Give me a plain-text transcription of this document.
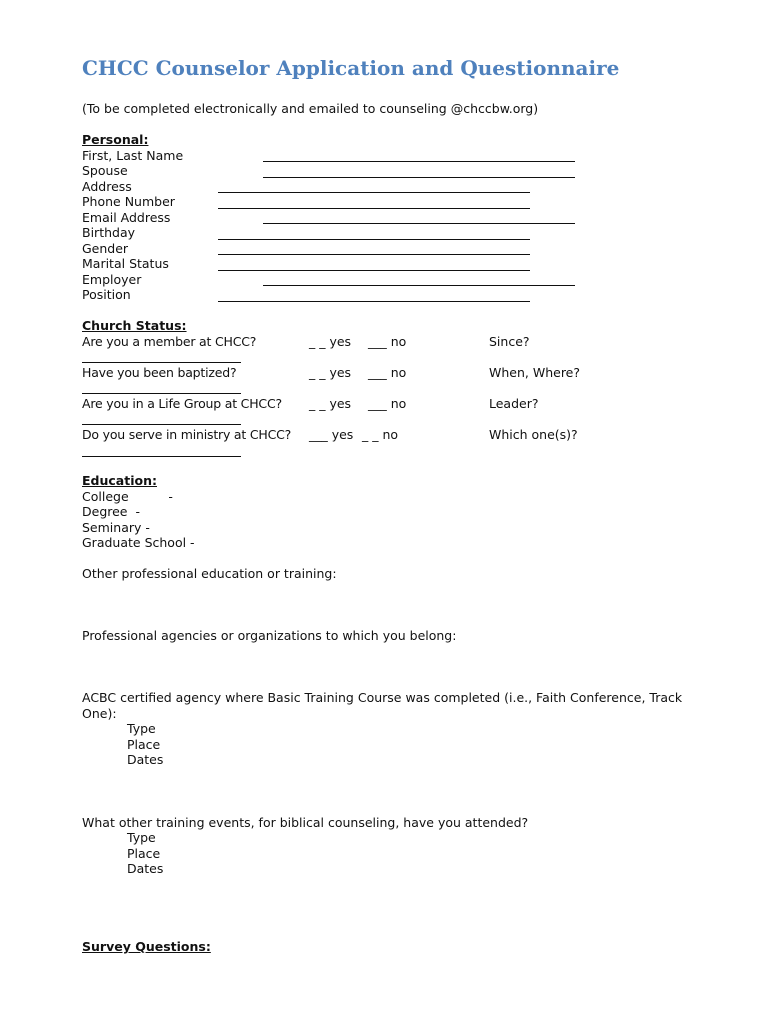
CHCC Counselor Application and Questionnaire
(To be completed electronically and emailed to counseling @chccbw.org)
Personal:
First, Last Name
Spouse
Address
Phone Number
Email Address
Birthday
Gender
Marital Status
Employer
Position
Church Status:
Are you a member at CHCC?	_ _ yes ___ no	Since?
Have you been baptized?	_ _ yes ___ no	When, Where?
Are you in a Life Group at CHCC? _ _ yes ___ no	Leader?
Do you serve in ministry at CHCC? ___ yes _ _ no	Which one(s)?
Education:
College          -
Degree  -
Seminary -
Graduate School -
Other professional education or training:
Professional agencies or organizations to which you belong:
ACBC certified agency where Basic Training Course was completed (i.e., Faith Conference, Track
One):
Type
Place
Dates
What other training events, for biblical counseling, have you attended?
Type
Place
Dates
Survey Questions:
